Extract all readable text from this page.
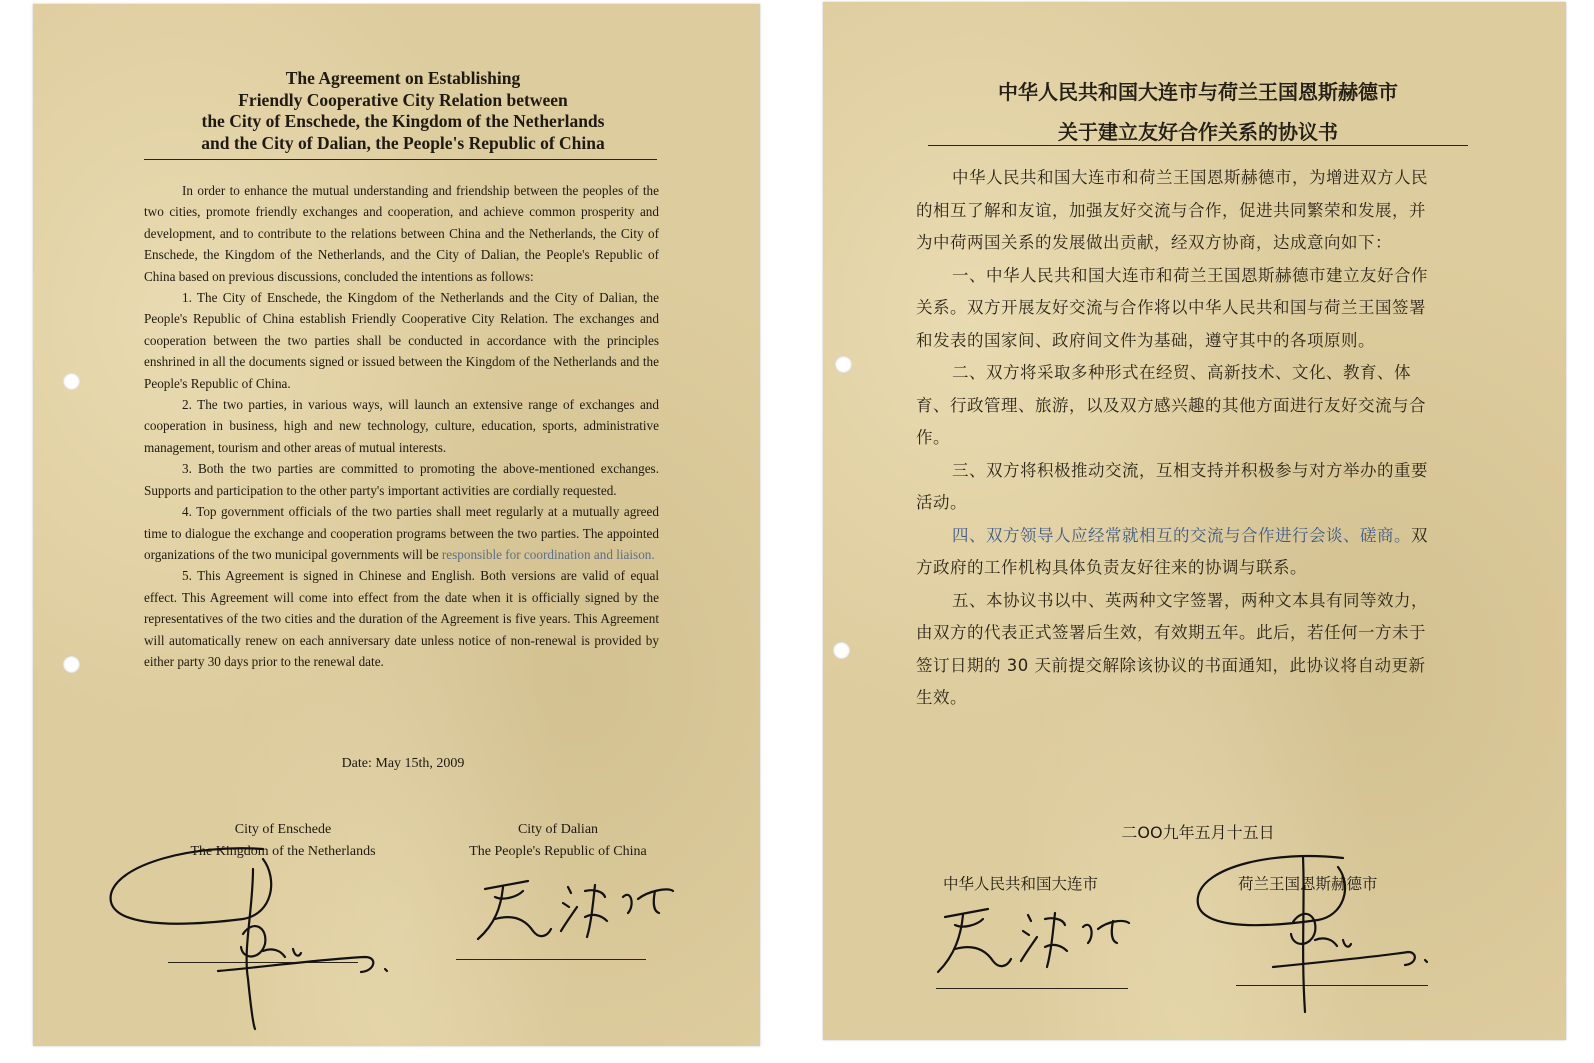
The Agreement on Establishing
Friendly Cooperative City Relation between
the City of Enschede, the Kingdom of the Netherlands
and the City of Dalian, the People's Republic of China

In order to enhance the mutual understanding and friendship between the peoples of the two cities, promote friendly exchanges and cooperation, and achieve common prosperity and development, and to contribute to the relations between China and the Netherlands, the City of Enschede, the Kingdom of the Netherlands, and the City of Dalian, the People's Republic of China based on previous discussions, concluded the intentions as follows:

1. The City of Enschede, the Kingdom of the Netherlands and the City of Dalian, the People's Republic of China establish Friendly Cooperative City Relation. The exchanges and cooperation between the two parties shall be conducted in accordance with the principles enshrined in all the documents signed or issued between the Kingdom of the Netherlands and the People's Republic of China.

2. The two parties, in various ways, will launch an extensive range of exchanges and cooperation in business, high and new technology, culture, education, sports, administrative management, tourism and other areas of mutual interests.

3. Both the two parties are committed to promoting the above-mentioned exchanges. Supports and participation to the other party's important activities are cordially requested.

4. Top government officials of the two parties shall meet regularly at a mutually agreed time to dialogue the exchange and cooperation programs between the two parties. The appointed organizations of the two municipal governments will be responsible for coordination and liaison.

5. This Agreement is signed in Chinese and English. Both versions are valid of equal effect. This Agreement will come into effect from the date when it is officially signed by the representatives of the two cities and the duration of the Agreement is five years. This Agreement will automatically renew on each anniversary date unless notice of non-renewal is provided by either party 30 days prior to the renewal date.

Date: May 15th, 2009
City of Enschede
The Kingdom of the Netherlands
City of Dalian
The People's Republic of China
中华人民共和国大连市与荷兰王国恩斯赫德市
关于建立友好合作关系的协议书

中华人民共和国大连市和荷兰王国恩斯赫德市，为增进双方人民的相互了解和友谊，加强友好交流与合作，促进共同繁荣和发展，并为中荷两国关系的发展做出贡献，经双方协商，达成意向如下：

一、中华人民共和国大连市和荷兰王国恩斯赫德市建立友好合作关系。双方开展友好交流与合作将以中华人民共和国与荷兰王国签署和发表的国家间、政府间文件为基础，遵守其中的各项原则。

二、双方将采取多种形式在经贸、高新技术、文化、教育、体育、行政管理、旅游，以及双方感兴趣的其他方面进行友好交流与合作。

三、双方将积极推动交流，互相支持并积极参与对方举办的重要活动。

四、双方领导人应经常就相互的交流与合作进行会谈、磋商。双方政府的工作机构具体负责友好往来的协调与联系。

五、本协议书以中、英两种文字签署，两种文本具有同等效力，由双方的代表正式签署后生效，有效期五年。此后，若任何一方未于签订日期的 30 天前提交解除该协议的书面通知，此协议将自动更新生效。

二OO九年五月十五日
中华人民共和国大连市	荷兰王国恩斯赫德市
